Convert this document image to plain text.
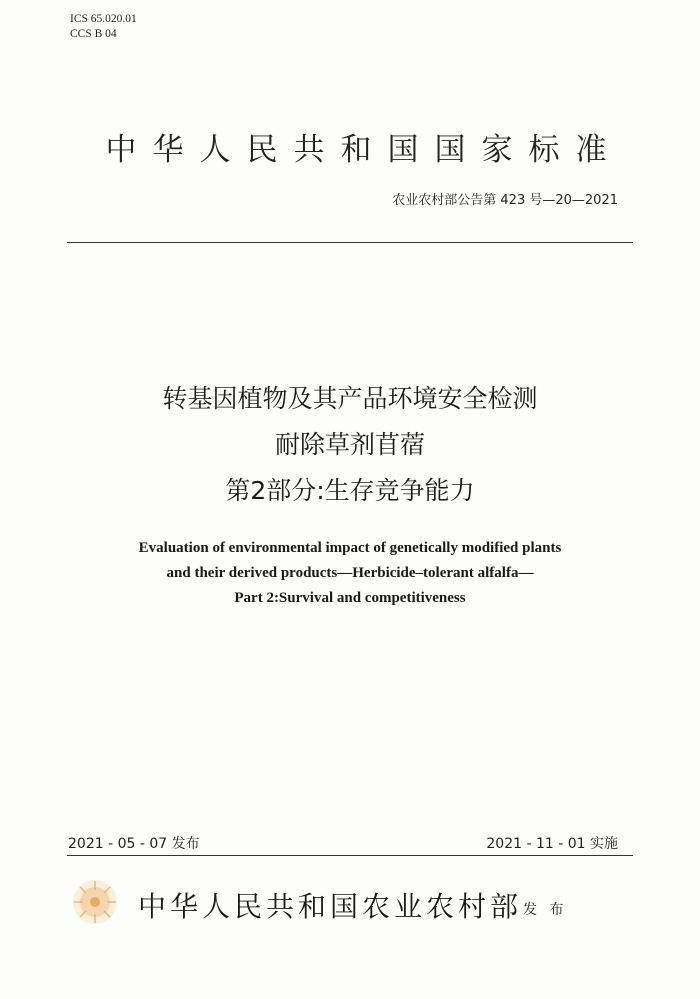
ICS 65.020.01
CCS B 04
中华人民共和国国家标准
农业农村部公告第 423 号—20—2021
转基因植物及其产品环境安全检测
耐除草剂苜蓿
第2部分:生存竞争能力
Evaluation of environmental impact of genetically modified plants
and their derived products—Herbicide–tolerant alfalfa—
Part 2:Survival and competitiveness
2021 - 05 - 07 发布	2021 - 11 - 01 实施
中华人民共和国农业农村部 发 布
